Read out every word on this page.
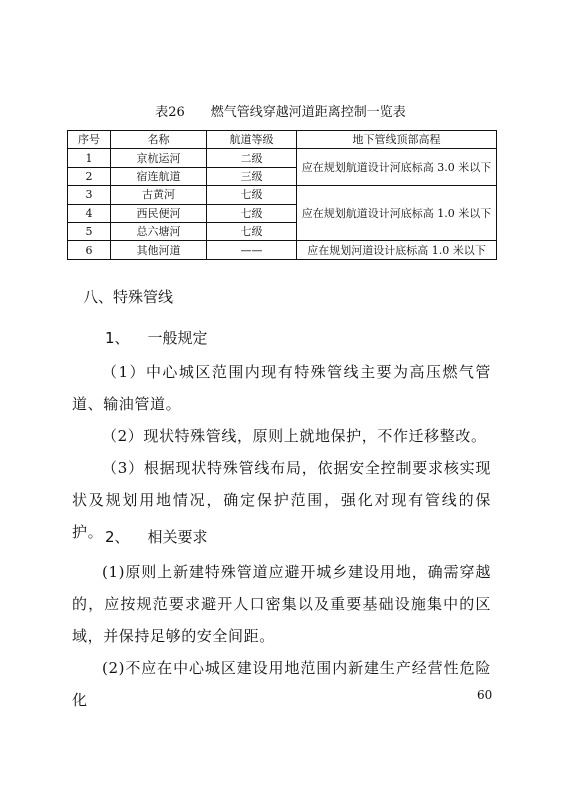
表26 燃气管线穿越河道距离控制一览表
序号	名称	航道等级	地下管线顶部高程
1	京杭运河	二级	应在规划航道设计河底标高 3.0 米以下
2	宿连航道	三级	
3	古黄河	七级	应在规划航道设计河底标高 1.0 米以下
4	西民便河	七级	
5	总六塘河	七级	
6	其他河道	——	应在规划河道设计底标高 1.0 米以下
八、特殊管线
1、 一般规定

（1）中心城区范围内现有特殊管线主要为高压燃气管道、输油管道。

（2）现状特殊管线，原则上就地保护，不作迁移整改。

（3）根据现状特殊管线布局，依据安全控制要求核实现状及规划用地情况，确定保护范围，强化对现有管线的保护。 2、 相关要求

(1)原则上新建特殊管道应避开城乡建设用地，确需穿越的，应按规范要求避开人口密集以及重要基础设施集中的区域，并保持足够的安全间距。

(2)不应在中心城区建设用地范围内新建生产经营性危险化	60
